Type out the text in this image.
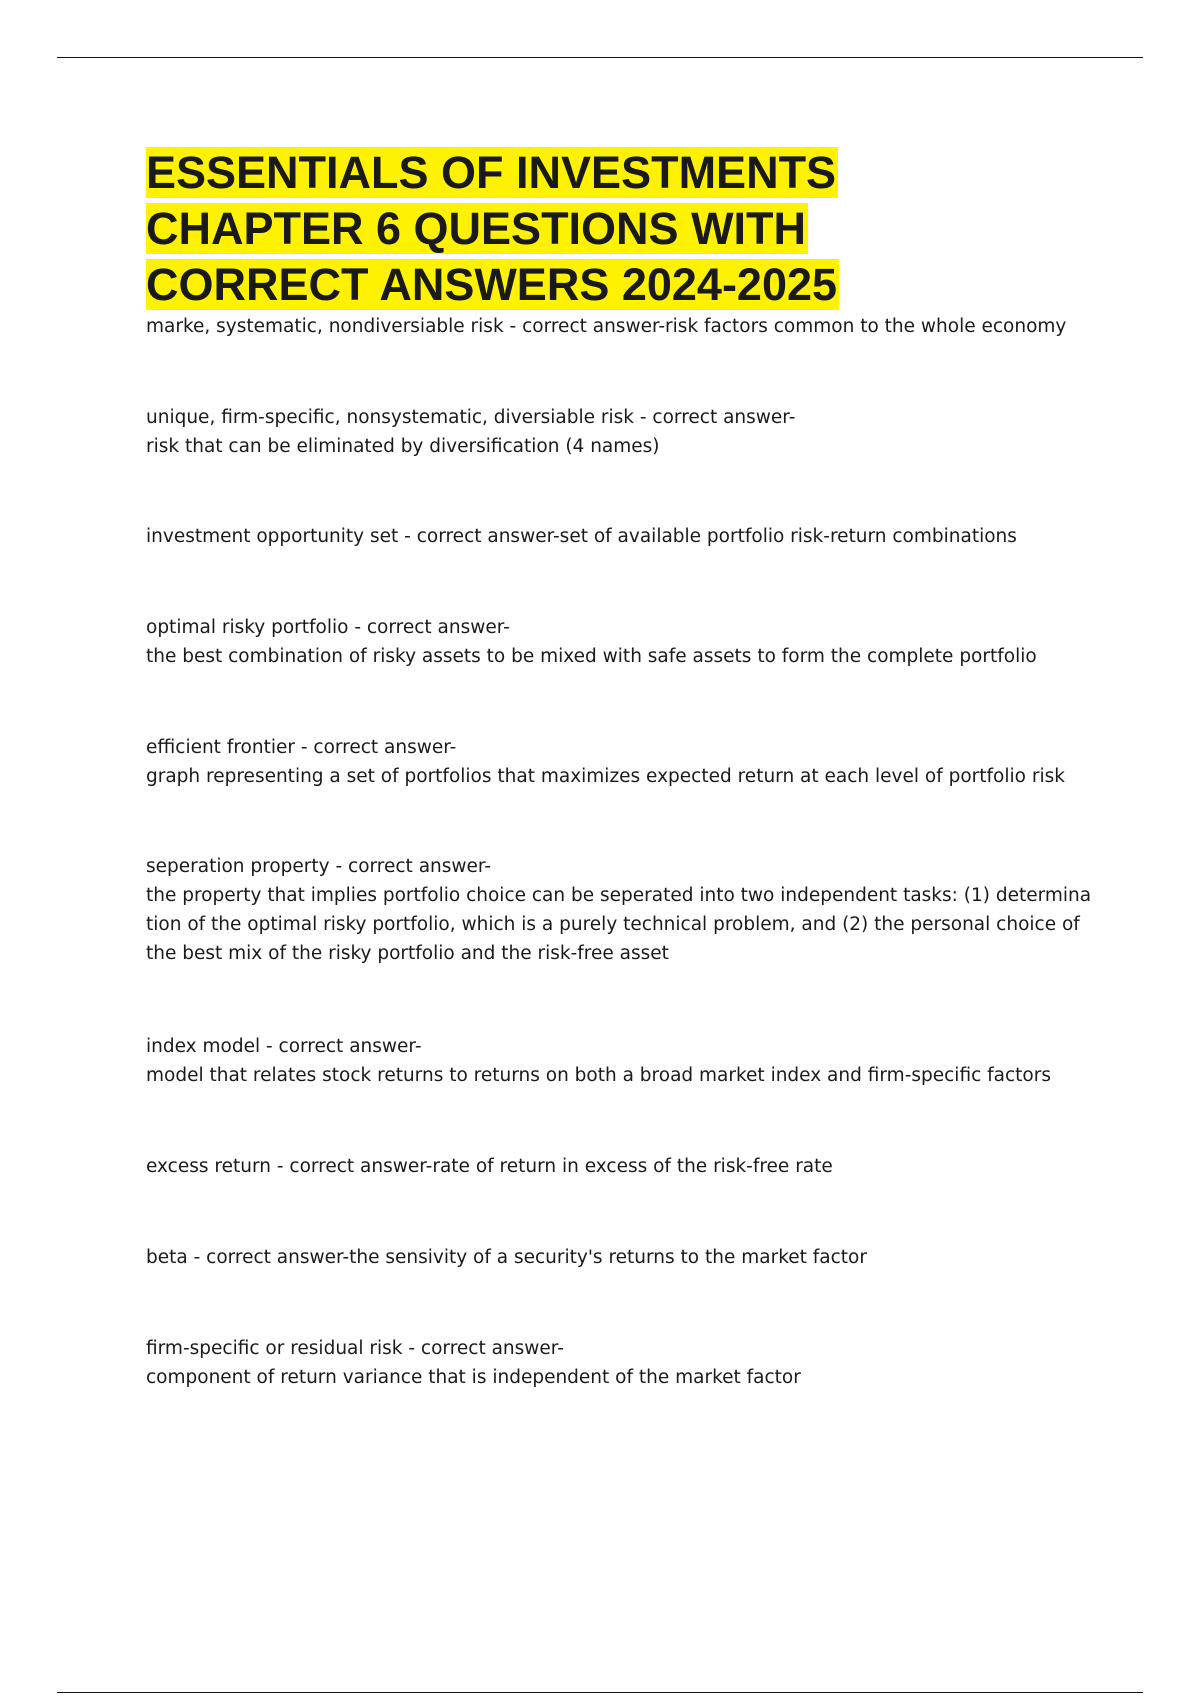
ESSENTIALS OF INVESTMENTS
CHAPTER 6 QUESTIONS WITH
CORRECT ANSWERS 2024-2025

marke, systematic, nondiversiable risk - correct answer-risk factors common to the whole economy

unique, firm-specific, nonsystematic, diversiable risk - correct answer-
risk that can be eliminated by diversification (4 names)

investment opportunity set - correct answer-set of available portfolio risk-return combinations

optimal risky portfolio - correct answer-
the best combination of risky assets to be mixed with safe assets to form the complete portfolio

efficient frontier - correct answer-
graph representing a set of portfolios that maximizes expected return at each level of portfolio risk

seperation property - correct answer-
the property that implies portfolio choice can be seperated into two independent tasks: (1) determina
tion of the optimal risky portfolio, which is a purely technical problem, and (2) the personal choice of
the best mix of the risky portfolio and the risk-free asset

index model - correct answer-
model that relates stock returns to returns on both a broad market index and firm-specific factors

excess return - correct answer-rate of return in excess of the risk-free rate

beta - correct answer-the sensivity of a security's returns to the market factor

firm-specific or residual risk - correct answer-
component of return variance that is independent of the market factor
